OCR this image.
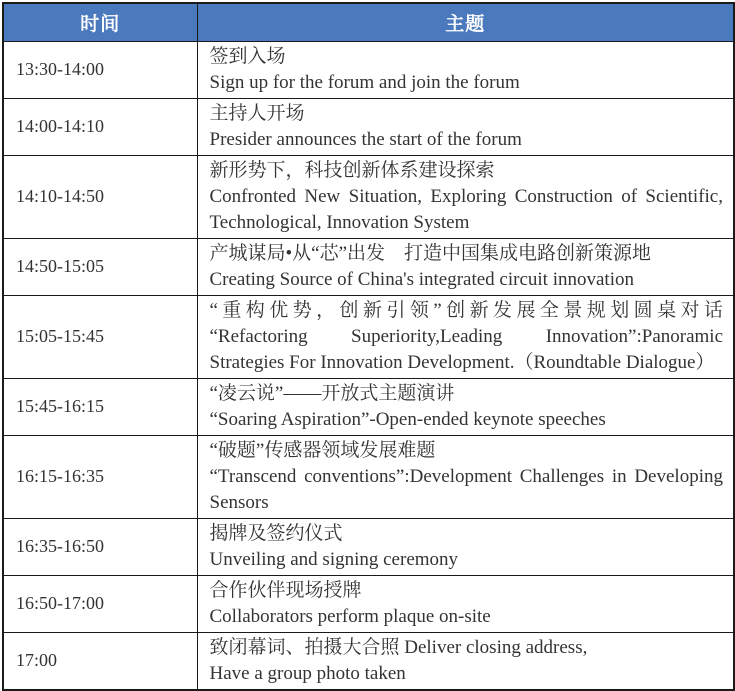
时间	主题
13:30-14:00	签到入场

Sign up for the forum and join the forum

14:00-14:10	主持人开场

Presider announces the start of the forum

14:10-14:50	新形势下，科技创新体系建设探索

Confronted New Situation, Exploring Construction of Scientific, Technological, Innovation System

14:50-15:05	产城谋局•从“芯”出发　打造中国集成电路创新策源地

Creating Source of China's integrated circuit innovation

15:05-15:45	“重构优势，创新引领”创新发展全景规划圆桌对话 “Refactoring Superiority,Leading Innovation”:Panoramic Strategies For Innovation Development.（Roundtable Dialogue）

15:45-16:15	“凌云说”——开放式主题演讲

“Soaring Aspiration”-Open-ended keynote speeches

16:15-16:35	“破题”传感器领域发展难题

“Transcend conventions”:Development Challenges in Developing Sensors

16:35-16:50	揭牌及签约仪式

Unveiling and signing ceremony

16:50-17:00	合作伙伴现场授牌

Collaborators perform plaque on-site

17:00	致闭幕词、拍摄大合照 Deliver closing address,

Have a group photo taken
